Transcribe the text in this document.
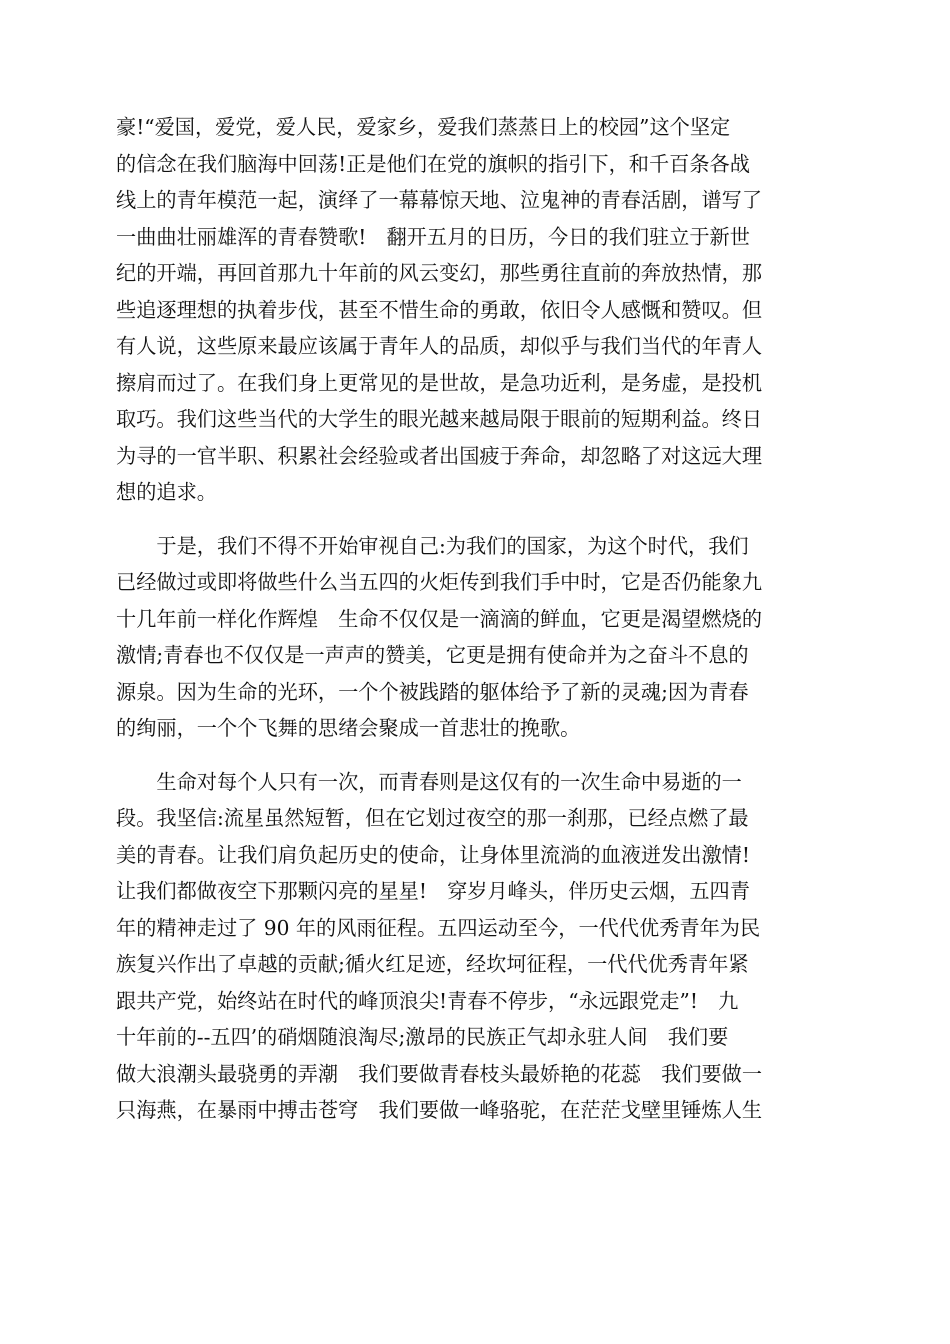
豪!“爱国，爱党，爱人民，爱家乡，爱我们蒸蒸日上的校园”这个坚定
的信念在我们脑海中回荡!正是他们在党的旗帜的指引下，和千百条各战
线上的青年模范一起，演绎了一幕幕惊天地、泣鬼神的青春活剧，谱写了
一曲曲壮丽雄浑的青春赞歌!　翻开五月的日历，今日的我们驻立于新世
纪的开端，再回首那九十年前的风云变幻，那些勇往直前的奔放热情，那
些追逐理想的执着步伐，甚至不惜生命的勇敢，依旧令人感慨和赞叹。但
有人说，这些原来最应该属于青年人的品质，却似乎与我们当代的年青人
擦肩而过了。在我们身上更常见的是世故，是急功近利，是务虚，是投机
取巧。我们这些当代的大学生的眼光越来越局限于眼前的短期利益。终日
为寻的一官半职、积累社会经验或者出国疲于奔命，却忽略了对这远大理
想的追求。
　　于是，我们不得不开始审视自己:为我们的国家，为这个时代，我们
已经做过或即将做些什么当五四的火炬传到我们手中时，它是否仍能象九
十几年前一样化作辉煌　生命不仅仅是一滴滴的鲜血，它更是渴望燃烧的
激情;青春也不仅仅是一声声的赞美，它更是拥有使命并为之奋斗不息的
源泉。因为生命的光环，一个个被践踏的躯体给予了新的灵魂;因为青春
的绚丽，一个个飞舞的思绪会聚成一首悲壮的挽歌。
　　生命对每个人只有一次，而青春则是这仅有的一次生命中易逝的一
段。我坚信:流星虽然短暂，但在它划过夜空的那一刹那，已经点燃了最
美的青春。让我们肩负起历史的使命，让身体里流淌的血液迸发出激情!
让我们都做夜空下那颗闪亮的星星!　穿岁月峰头，伴历史云烟，五四青
年的精神走过了 90 年的风雨征程。五四运动至今，一代代优秀青年为民
族复兴作出了卓越的贡献;循火红足迹，经坎坷征程，一代代优秀青年紧
跟共产党，始终站在时代的峰顶浪尖!青春不停步，“永远跟党走”!　九
十年前的--五四’的硝烟随浪淘尽;激昂的民族正气却永驻人间　我们要
做大浪潮头最骁勇的弄潮　我们要做青春枝头最娇艳的花蕊　我们要做一
只海燕，在暴雨中搏击苍穹　我们要做一峰骆驼，在茫茫戈壁里锤炼人生
